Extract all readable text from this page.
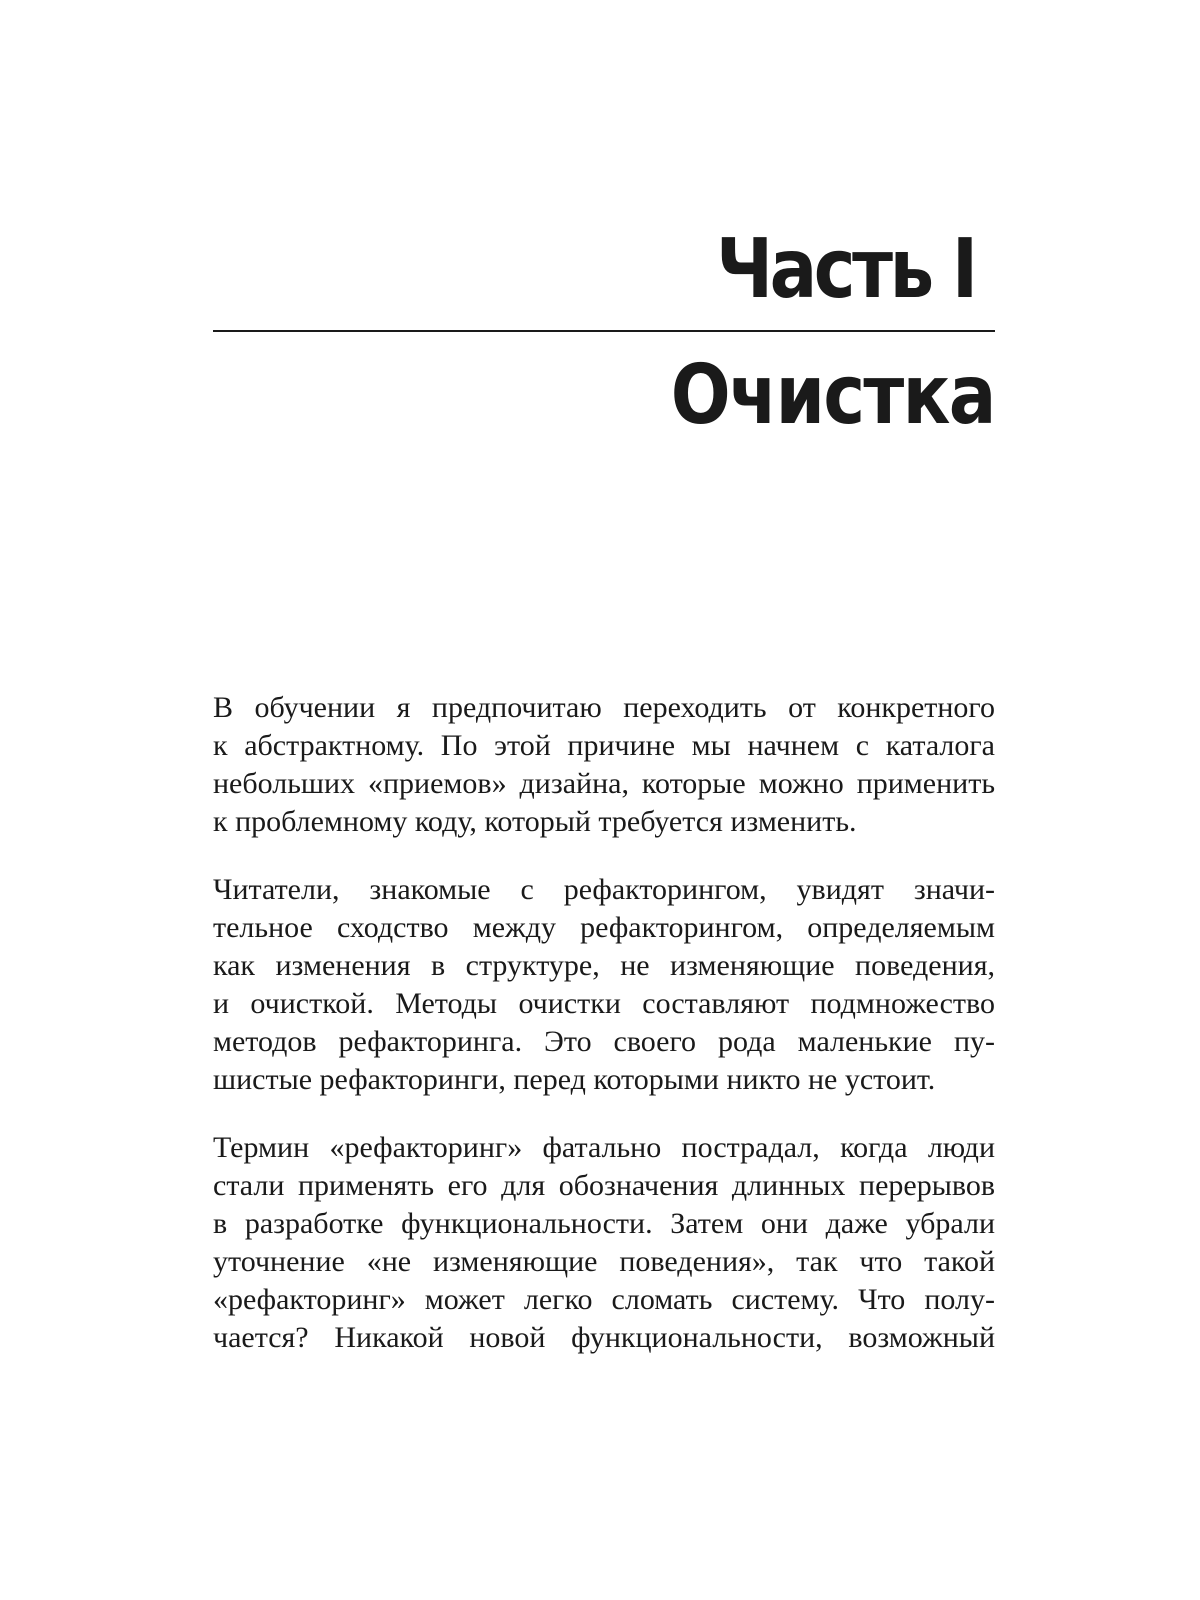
Часть I
Очистка

В обучении я предпочитаю переходить от конкретного
к абстрактному. По этой причине мы начнем с каталога
небольших «приемов» дизайна, которые можно применить
к проблемному коду, который требуется изменить.

Читатели, знакомые с рефакторингом, увидят значи-
тельное сходство между рефакторингом, определяемым
как изменения в структуре, не изменяющие поведения,
и очисткой. Методы очистки составляют подмножество
методов рефакторинга. Это своего рода маленькие пу-
шистые рефакторинги, перед которыми никто не устоит.

Термин «рефакторинг» фатально пострадал, когда люди
стали применять его для обозначения длинных перерывов
в разработке функциональности. Затем они даже убрали
уточнение «не изменяющие поведения», так что такой
«рефакторинг» может легко сломать систему. Что полу-
чается? Никакой новой функциональности, возможный
